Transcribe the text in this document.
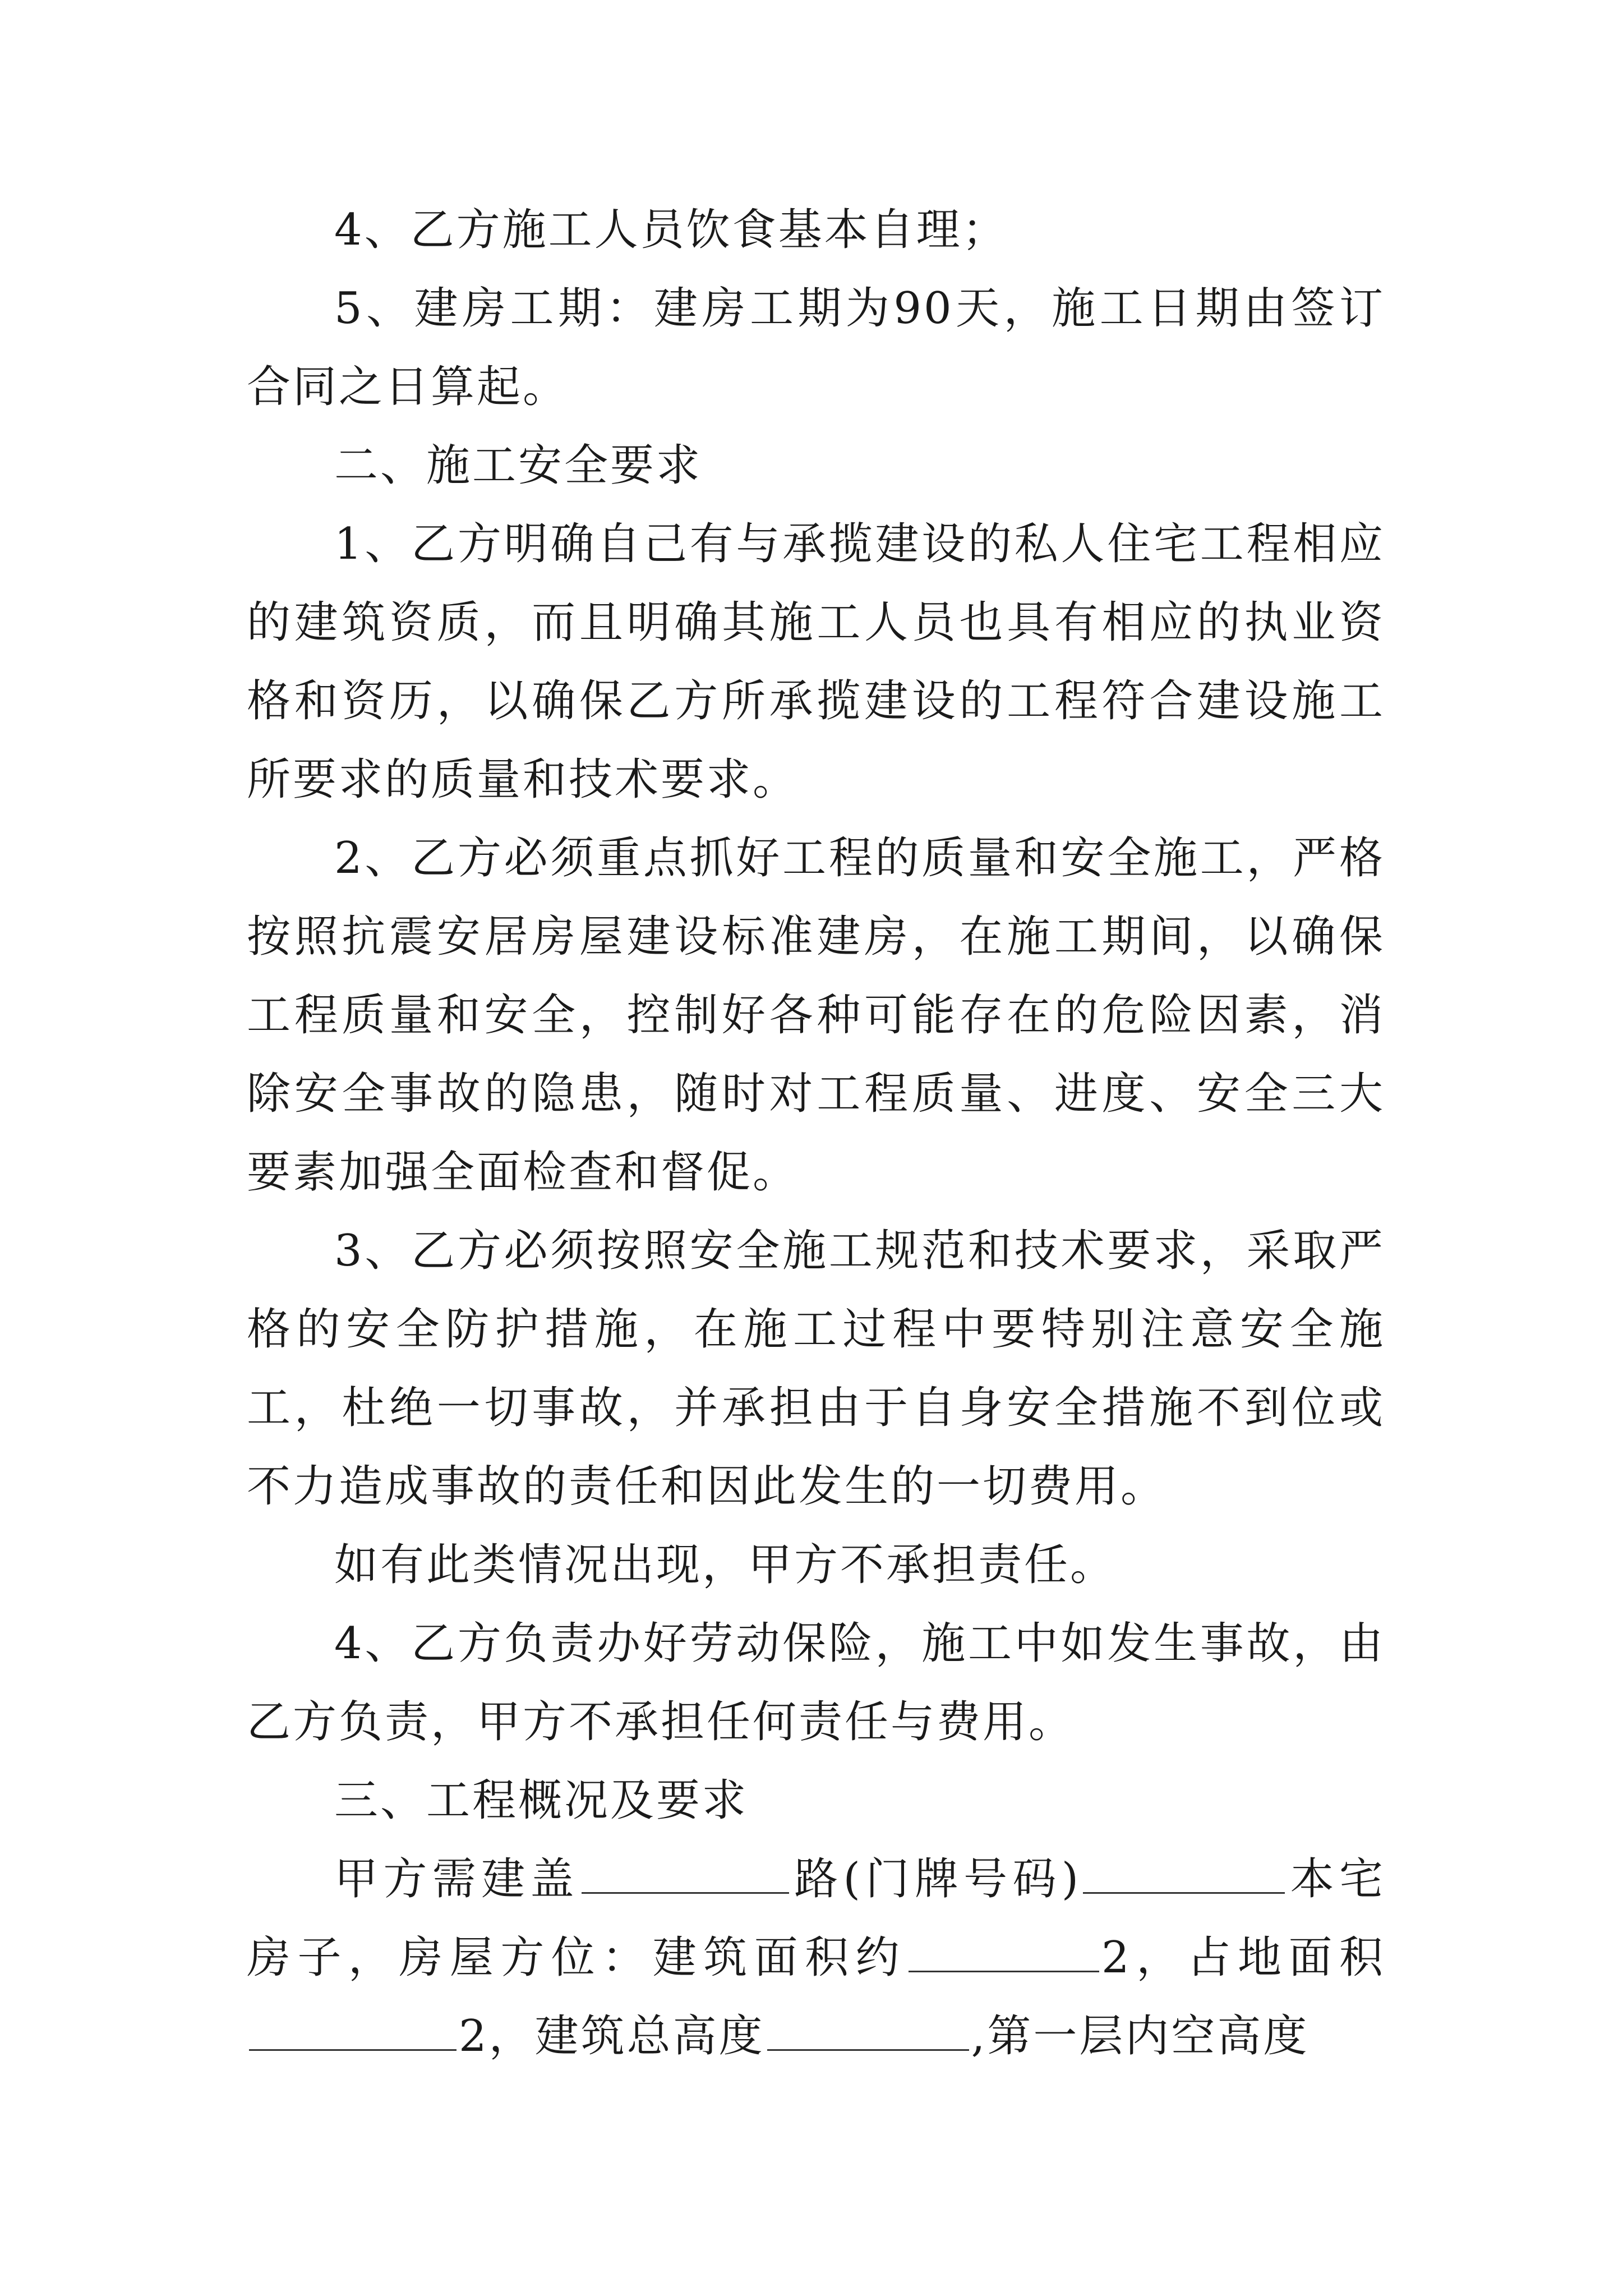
4、乙方施工人员饮食基本自理；

5、建房工期：建房工期为90天，施工日期由签订合同之日算起。

二、施工安全要求

1、乙方明确自己有与承揽建设的私人住宅工程相应的建筑资质，而且明确其施工人员也具有相应的执业资格和资历，以确保乙方所承揽建设的工程符合建设施工所要求的质量和技术要求。

2、乙方必须重点抓好工程的质量和安全施工，严格按照抗震安居房屋建设标准建房，在施工期间，以确保工程质量和安全，控制好各种可能存在的危险因素，消除安全事故的隐患，随时对工程质量、进度、安全三大要素加强全面检查和督促。

3、乙方必须按照安全施工规范和技术要求，采取严格的安全防护措施，在施工过程中要特别注意安全施工，杜绝一切事故，并承担由于自身安全措施不到位或不力造成事故的责任和因此发生的一切费用。

如有此类情况出现，甲方不承担责任。

4、乙方负责办好劳动保险，施工中如发生事故，由乙方负责，甲方不承担任何责任与费用。

三、工程概况及要求

甲方需建盖	路(门牌号码)	本宅房子，房屋方位：建筑面积约	2，占地面积2，建筑总高度	,第一层内空高度
